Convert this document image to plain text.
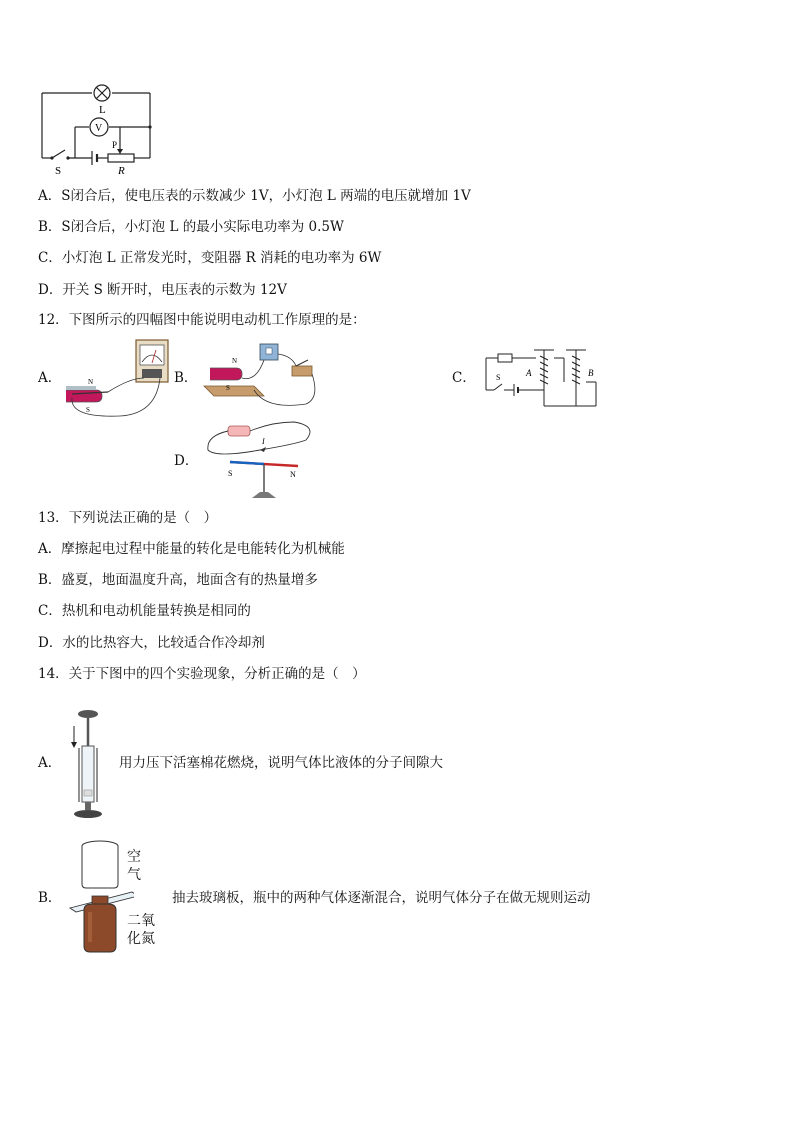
L
V
P
S	R
A．S闭合后，使电压表的示数减少 1V，小灯泡 L 两端的电压就增加 1V
B．S闭合后，小灯泡 L 的最小实际电功率为 0.5W
C．小灯泡 L 正常发光时，变阻器 R 消耗的电功率为 6W
D．开关 S 断开时，电压表的示数为 12V
12．下图所示的四幅图中能说明电动机工作原理的是：
A．	N
S
B．
N
S
C．	A	B
S
D．
I
S	N
13．下列说法正确的是（　）
A．摩擦起电过程中能量的转化是电能转化为机械能
B．盛夏，地面温度升高，地面含有的热量增多
C．热机和电动机能量转换是相同的
D．水的比热容大，比较适合作冷却剂
14．关于下图中的四个实验现象，分析正确的是（　）
A．	用力压下活塞棉花燃烧，说明气体比液体的分子间隙大
B．
空
气
二氧
化氮
抽去玻璃板，瓶中的两种气体逐渐混合，说明气体分子在做无规则运动
